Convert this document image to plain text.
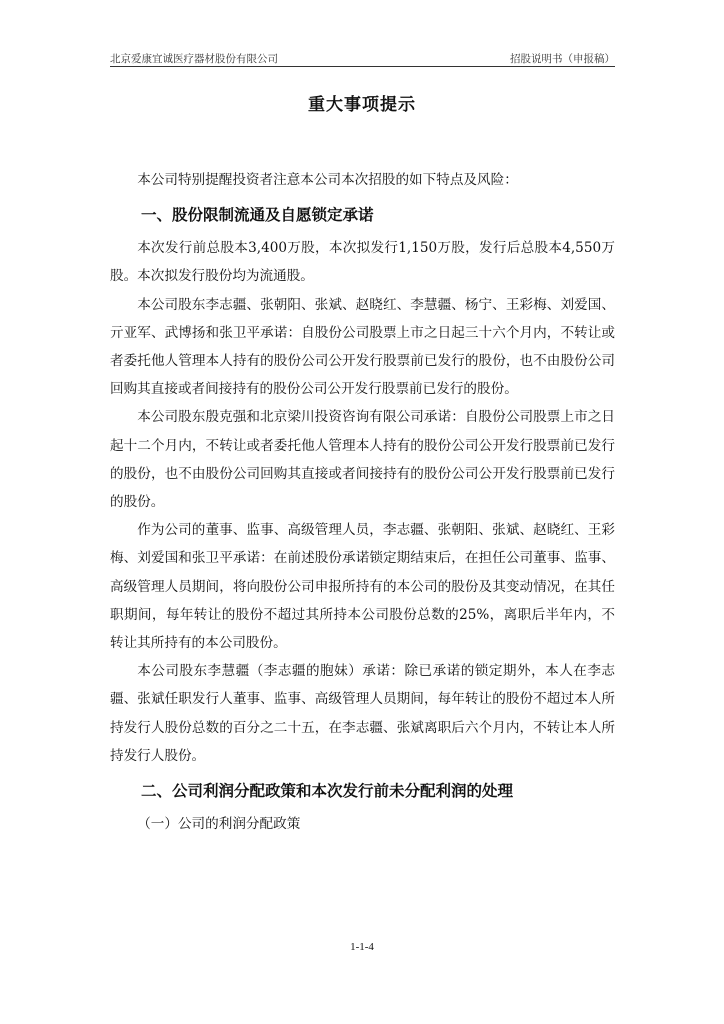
北京爱康宜诚医疗器材股份有限公司	招股说明书（申报稿）
重大事项提示

本公司特别提醒投资者注意本公司本次招股的如下特点及风险：

一、股份限制流通及自愿锁定承诺

本次发行前总股本3,400万股，本次拟发行1,150万股，发行后总股本4,550万股。本次拟发行股份均为流通股。

本公司股东李志疆、张朝阳、张斌、赵晓红、李慧疆、杨宁、王彩梅、刘爱国、亓亚军、武博扬和张卫平承诺：自股份公司股票上市之日起三十六个月内，不转让或者委托他人管理本人持有的股份公司公开发行股票前已发行的股份，也不由股份公司回购其直接或者间接持有的股份公司公开发行股票前已发行的股份。

本公司股东殷克强和北京梁川投资咨询有限公司承诺：自股份公司股票上市之日起十二个月内，不转让或者委托他人管理本人持有的股份公司公开发行股票前已发行的股份，也不由股份公司回购其直接或者间接持有的股份公司公开发行股票前已发行的股份。

作为公司的董事、监事、高级管理人员，李志疆、张朝阳、张斌、赵晓红、王彩梅、刘爱国和张卫平承诺：在前述股份承诺锁定期结束后，在担任公司董事、监事、高级管理人员期间，将向股份公司申报所持有的本公司的股份及其变动情况，在其任职期间，每年转让的股份不超过其所持本公司股份总数的25%，离职后半年内，不转让其所持有的本公司股份。

本公司股东李慧疆（李志疆的胞妹）承诺：除已承诺的锁定期外，本人在李志疆、张斌任职发行人董事、监事、高级管理人员期间，每年转让的股份不超过本人所持发行人股份总数的百分之二十五，在李志疆、张斌离职后六个月内，不转让本人所持发行人股份。

二、公司利润分配政策和本次发行前未分配利润的处理

（一）公司的利润分配政策

1-1-4
